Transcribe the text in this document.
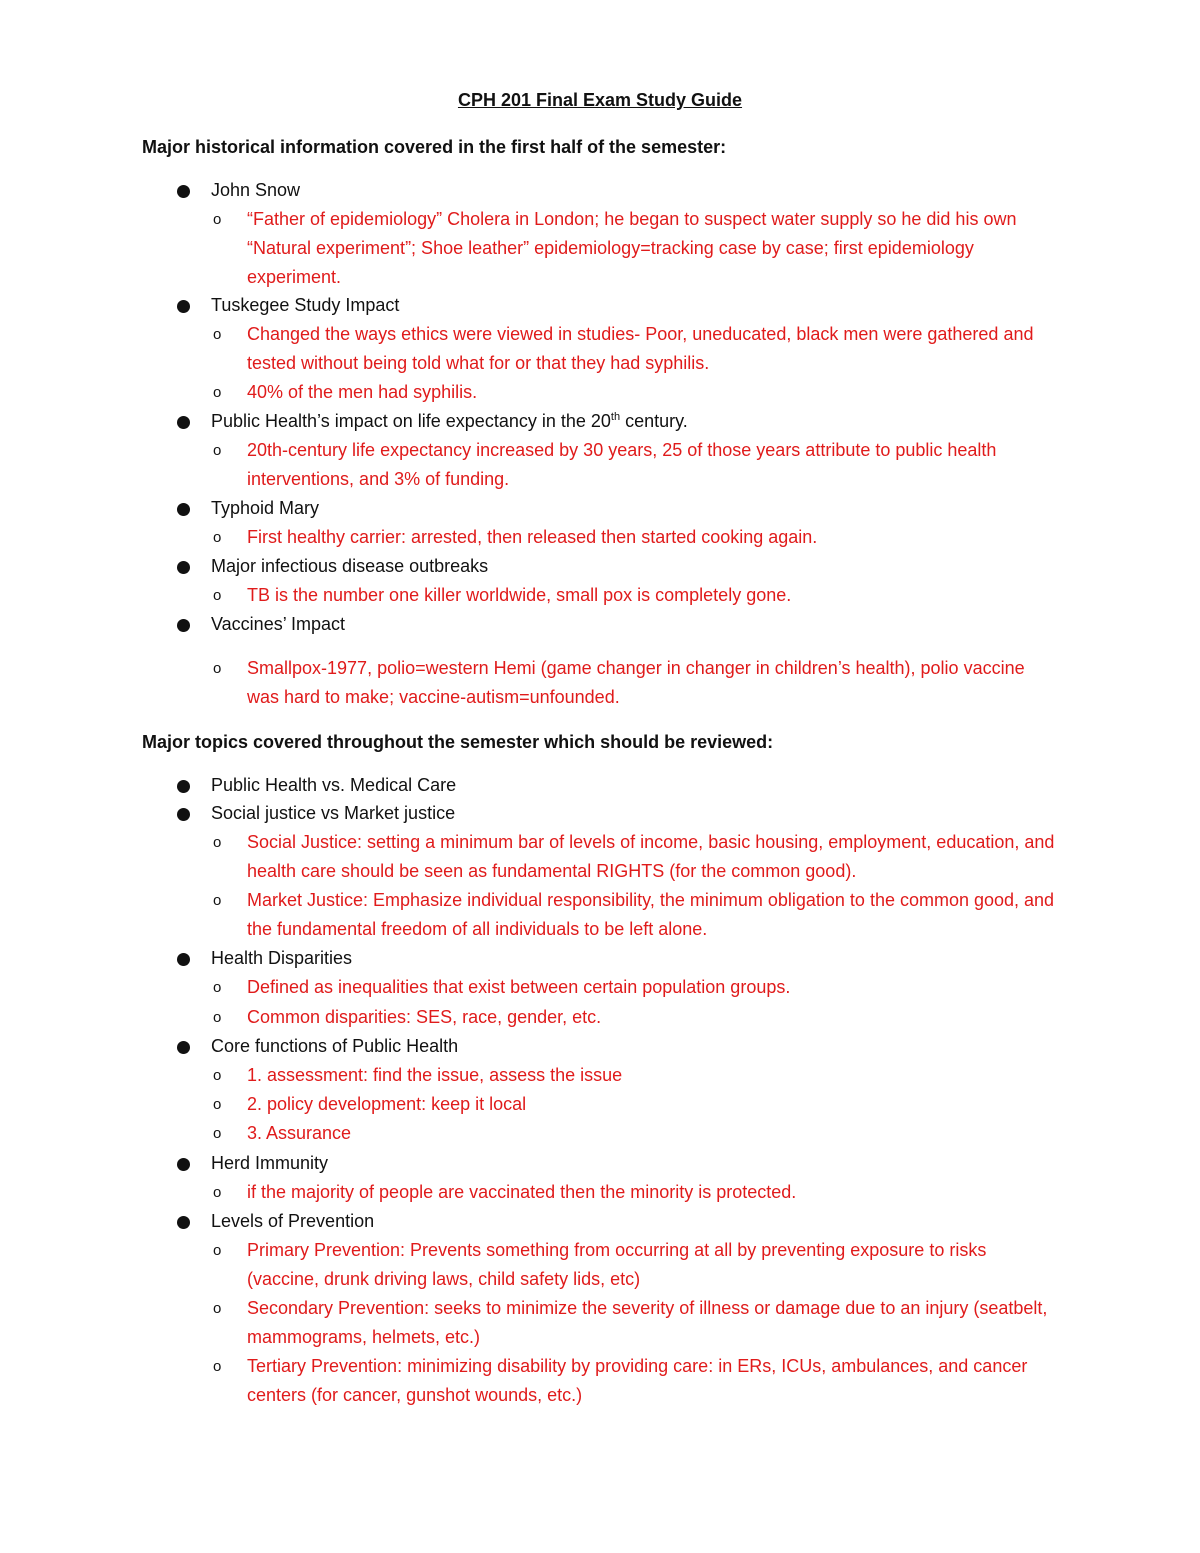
CPH 201 Final Exam Study Guide
Major historical information covered in the first half of the semester:
John Snow
o “Father of epidemiology” Cholera in London; he began to suspect water supply so he did his own “Natural experiment”; Shoe leather” epidemiology=tracking case by case; first epidemiology experiment.
Tuskegee Study Impact
o Changed the ways ethics were viewed in studies- Poor, uneducated, black men were gathered and tested without being told what for or that they had syphilis.
o 40% of the men had syphilis.
Public Health’s impact on life expectancy in the 20th century.
o 20th-century life expectancy increased by 30 years, 25 of those years attribute to public health interventions, and 3% of funding.
Typhoid Mary
o First healthy carrier: arrested, then released then started cooking again.
Major infectious disease outbreaks
o TB is the number one killer worldwide, small pox is completely gone.
Vaccines’ Impact
o Smallpox-1977, polio=western Hemi (game changer in changer in children’s health), polio vaccine was hard to make; vaccine-autism=unfounded.
Major topics covered throughout the semester which should be reviewed:
Public Health vs. Medical Care
Social justice vs Market justice
o Social Justice: setting a minimum bar of levels of income, basic housing, employment, education, and health care should be seen as fundamental RIGHTS (for the common good).
o Market Justice: Emphasize individual responsibility, the minimum obligation to the common good, and the fundamental freedom of all individuals to be left alone.
Health Disparities
o Defined as inequalities that exist between certain population groups.
o Common disparities: SES, race, gender, etc.
Core functions of Public Health
o 1. assessment: find the issue, assess the issue
o 2. policy development: keep it local
o 3. Assurance
Herd Immunity
o if the majority of people are vaccinated then the minority is protected.
Levels of Prevention
o Primary Prevention: Prevents something from occurring at all by preventing exposure to risks (vaccine, drunk driving laws, child safety lids, etc)
o Secondary Prevention: seeks to minimize the severity of illness or damage due to an injury (seatbelt, mammograms, helmets, etc.)
o Tertiary Prevention: minimizing disability by providing care: in ERs, ICUs, ambulances, and cancer centers (for cancer, gunshot wounds, etc.)
